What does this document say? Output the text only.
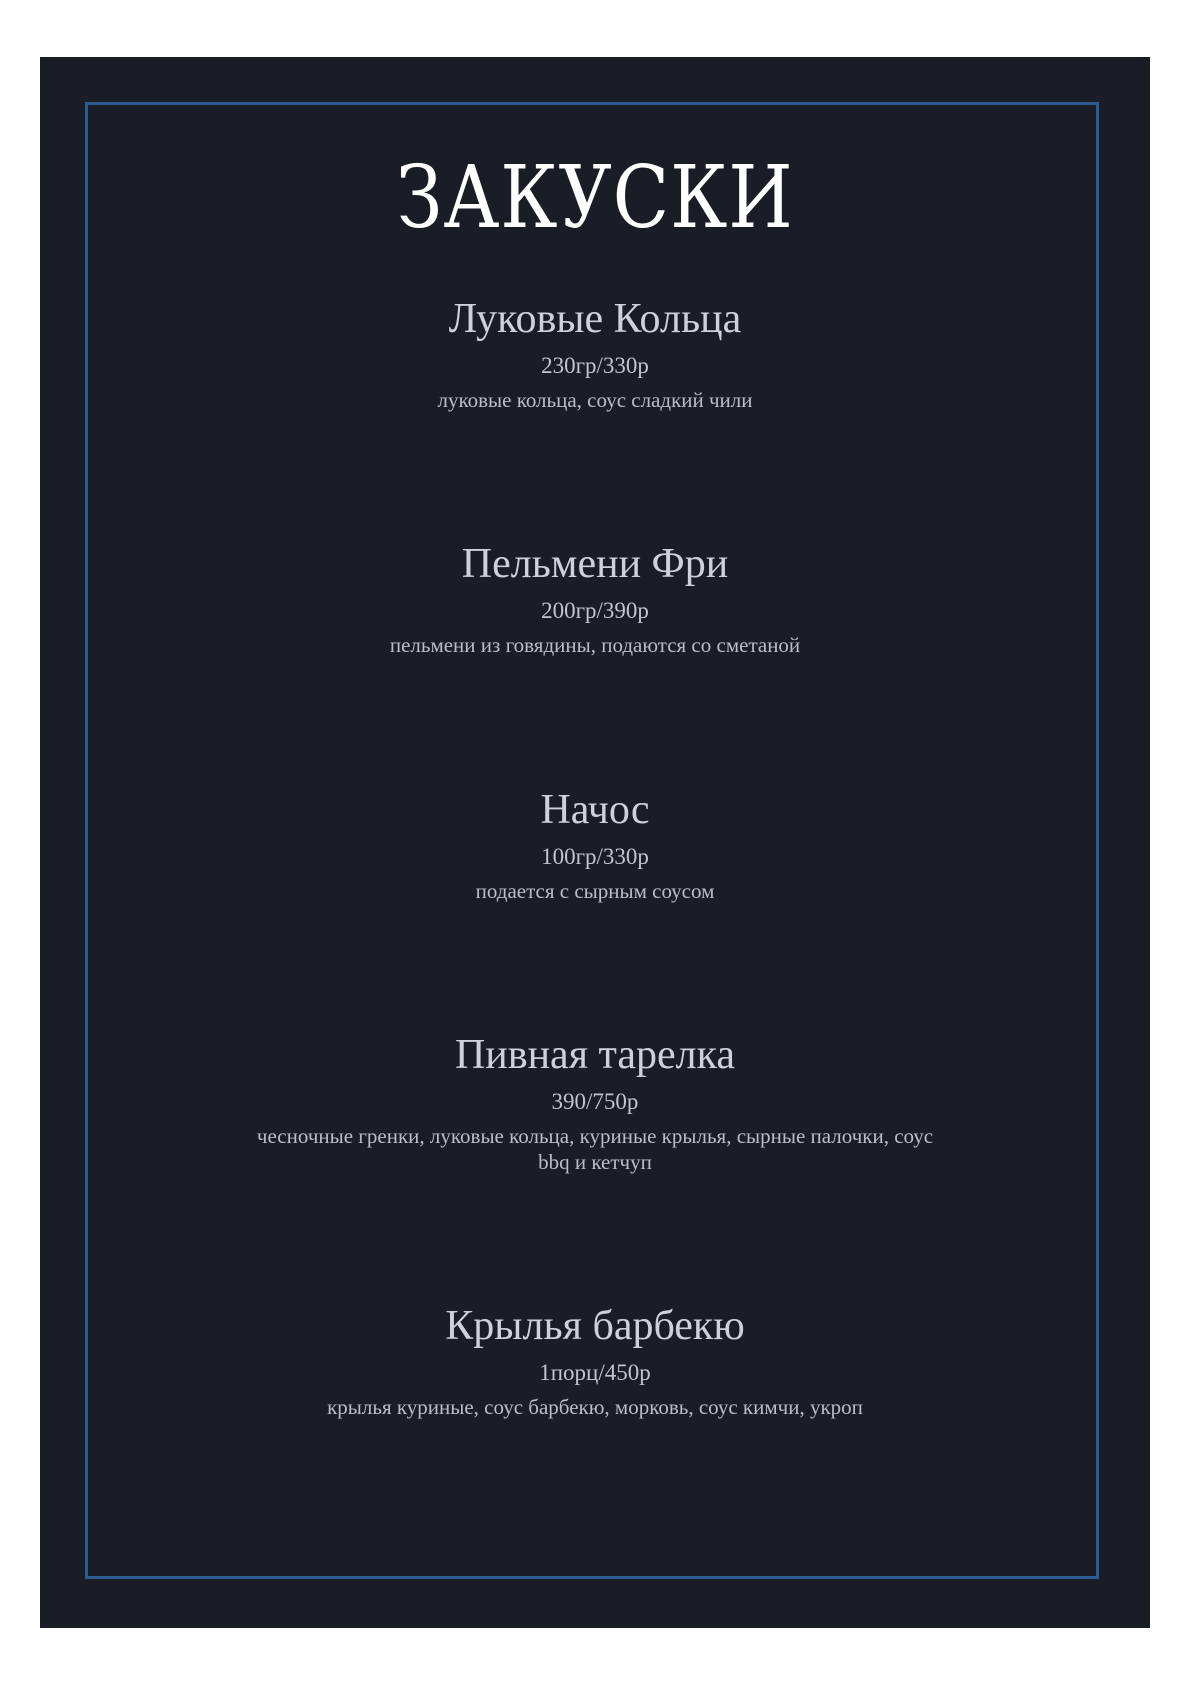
ЗАКУСКИ
Луковые Кольца
230гр/330р
луковые кольца, соус сладкий чили
Пельмени Фри
200гр/390р
пельмени из говядины, подаются со сметаной
Начос
100гр/330р
подается с сырным соусом
Пивная тарелка
390/750р
чесночные гренки, луковые кольца, куриные крылья, сырные палочки, соус bbq и кетчуп
Крылья барбекю
1порц/450р
крылья куриные, соус барбекю, морковь, соус кимчи, укроп
